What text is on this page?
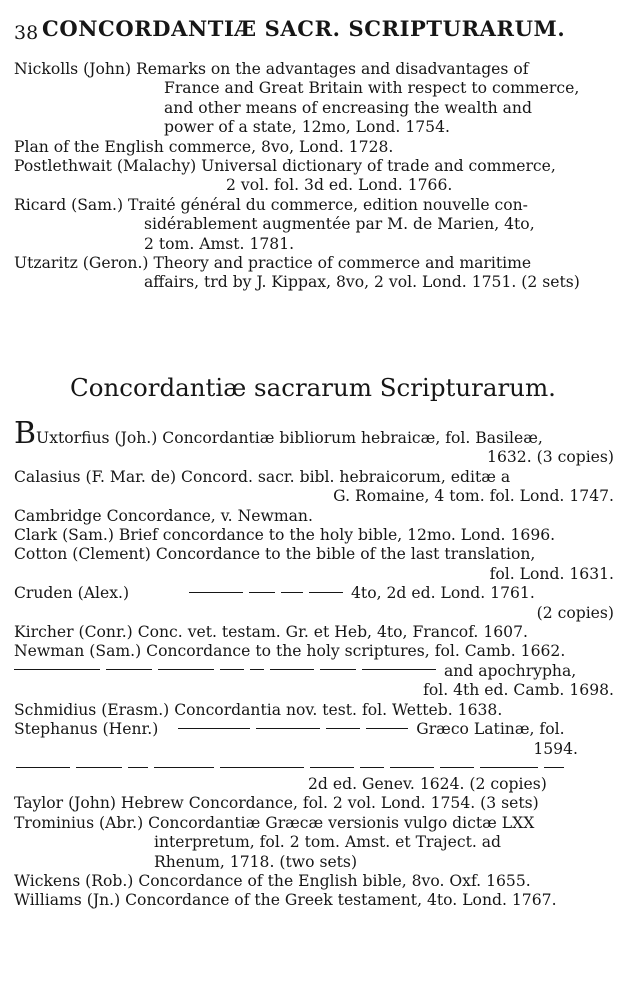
38 CONCORDANTIÆ SACR. SCRIPTURARUM.

Nickolls (John) Remarks on the advantages and disadvantages of
France and Great Britain with respect to commerce,
and other means of encreasing the wealth and
power of a state, 12mo, Lond. 1754.

Plan of the English commerce, 8vo, Lond. 1728.

Postlethwait (Malachy) Universal dictionary of trade and commerce,
2 vol. fol. 3d ed. Lond. 1766.

Ricard (Sam.) Traité général du commerce, edition nouvelle con-
sidérablement augmentée par M. de Marien, 4to,
2 tom. Amst. 1781.

Utzaritz (Geron.) Theory and practice of commerce and maritime
affairs, trd by J. Kippax, 8vo, 2 vol. Lond. 1751. (2 sets)

Concordantiæ sacrarum Scripturarum.

BUxtorfius (Joh.) Concordantiæ bibliorum hebraicæ, fol. Basileæ,
1632. (3 copies)

Calasius (F. Mar. de) Concord. sacr. bibl. hebraicorum, editæ a
G. Romaine, 4 tom. fol. Lond. 1747.

Cambridge Concordance, v. Newman.

Clark (Sam.) Brief concordance to the holy bible, 12mo. Lond. 1696.

Cotton (Clement) Concordance to the bible of the last translation,
fol. Lond. 1631.

Cruden (Alex.)	4to, 2d ed. Lond. 1761.
(2 copies)

Kircher (Conr.) Conc. vet. testam. Gr. et Heb, 4to, Francof. 1607.

Newman (Sam.) Concordance to the holy scriptures, fol. Camb. 1662.

and apochrypha,
fol. 4th ed. Camb. 1698.

Schmidius (Erasm.) Concordantia nov. test. fol. Wetteb. 1638.

Stephanus (Henr.)	Græco Latinæ, fol.
1594.

2d ed. Genev. 1624. (2 copies)

Taylor (John) Hebrew Concordance, fol. 2 vol. Lond. 1754. (3 sets)

Trominius (Abr.) Concordantiæ Græcæ versionis vulgo dictæ LXX
interpretum, fol. 2 tom. Amst. et Traject. ad
Rhenum, 1718. (two sets)

Wickens (Rob.) Concordance of the English bible, 8vo. Oxf. 1655.

Williams (Jn.) Concordance of the Greek testament, 4to. Lond. 1767.
